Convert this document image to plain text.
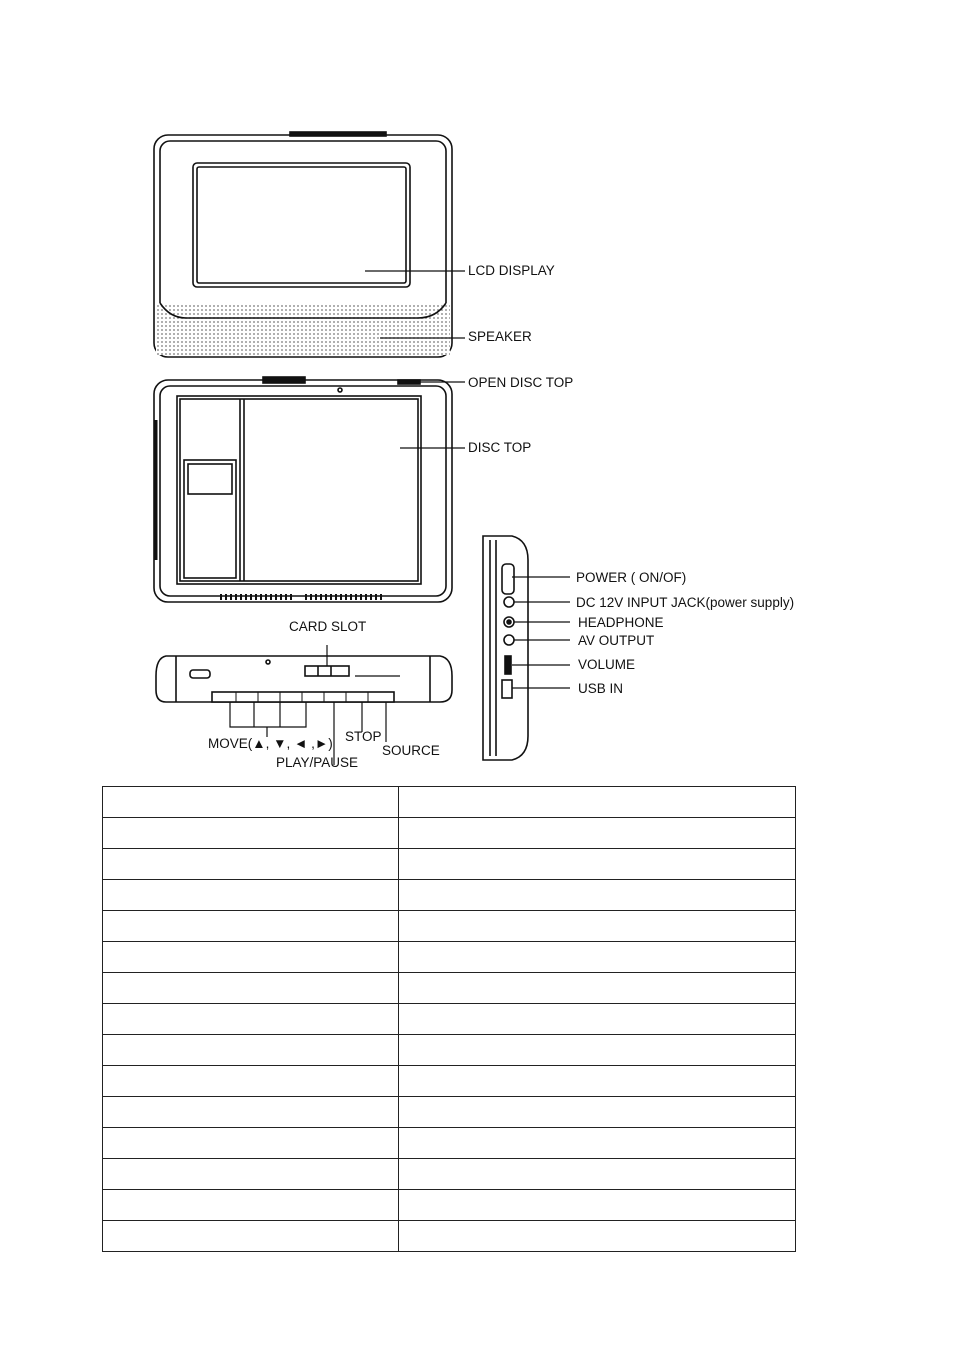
LCD DISPLAY
SPEAKER
OPEN DISC TOP
DISC TOP
POWER ( ON/OF)
DC 12V INPUT JACK(power supply)
HEADPHONE
AV OUTPUT
VOLUME
USB IN
CARD SLOT
MOVE(▲, ▼, ◄ ,►)
PLAY/PAUSE
STOP
SOURCE
